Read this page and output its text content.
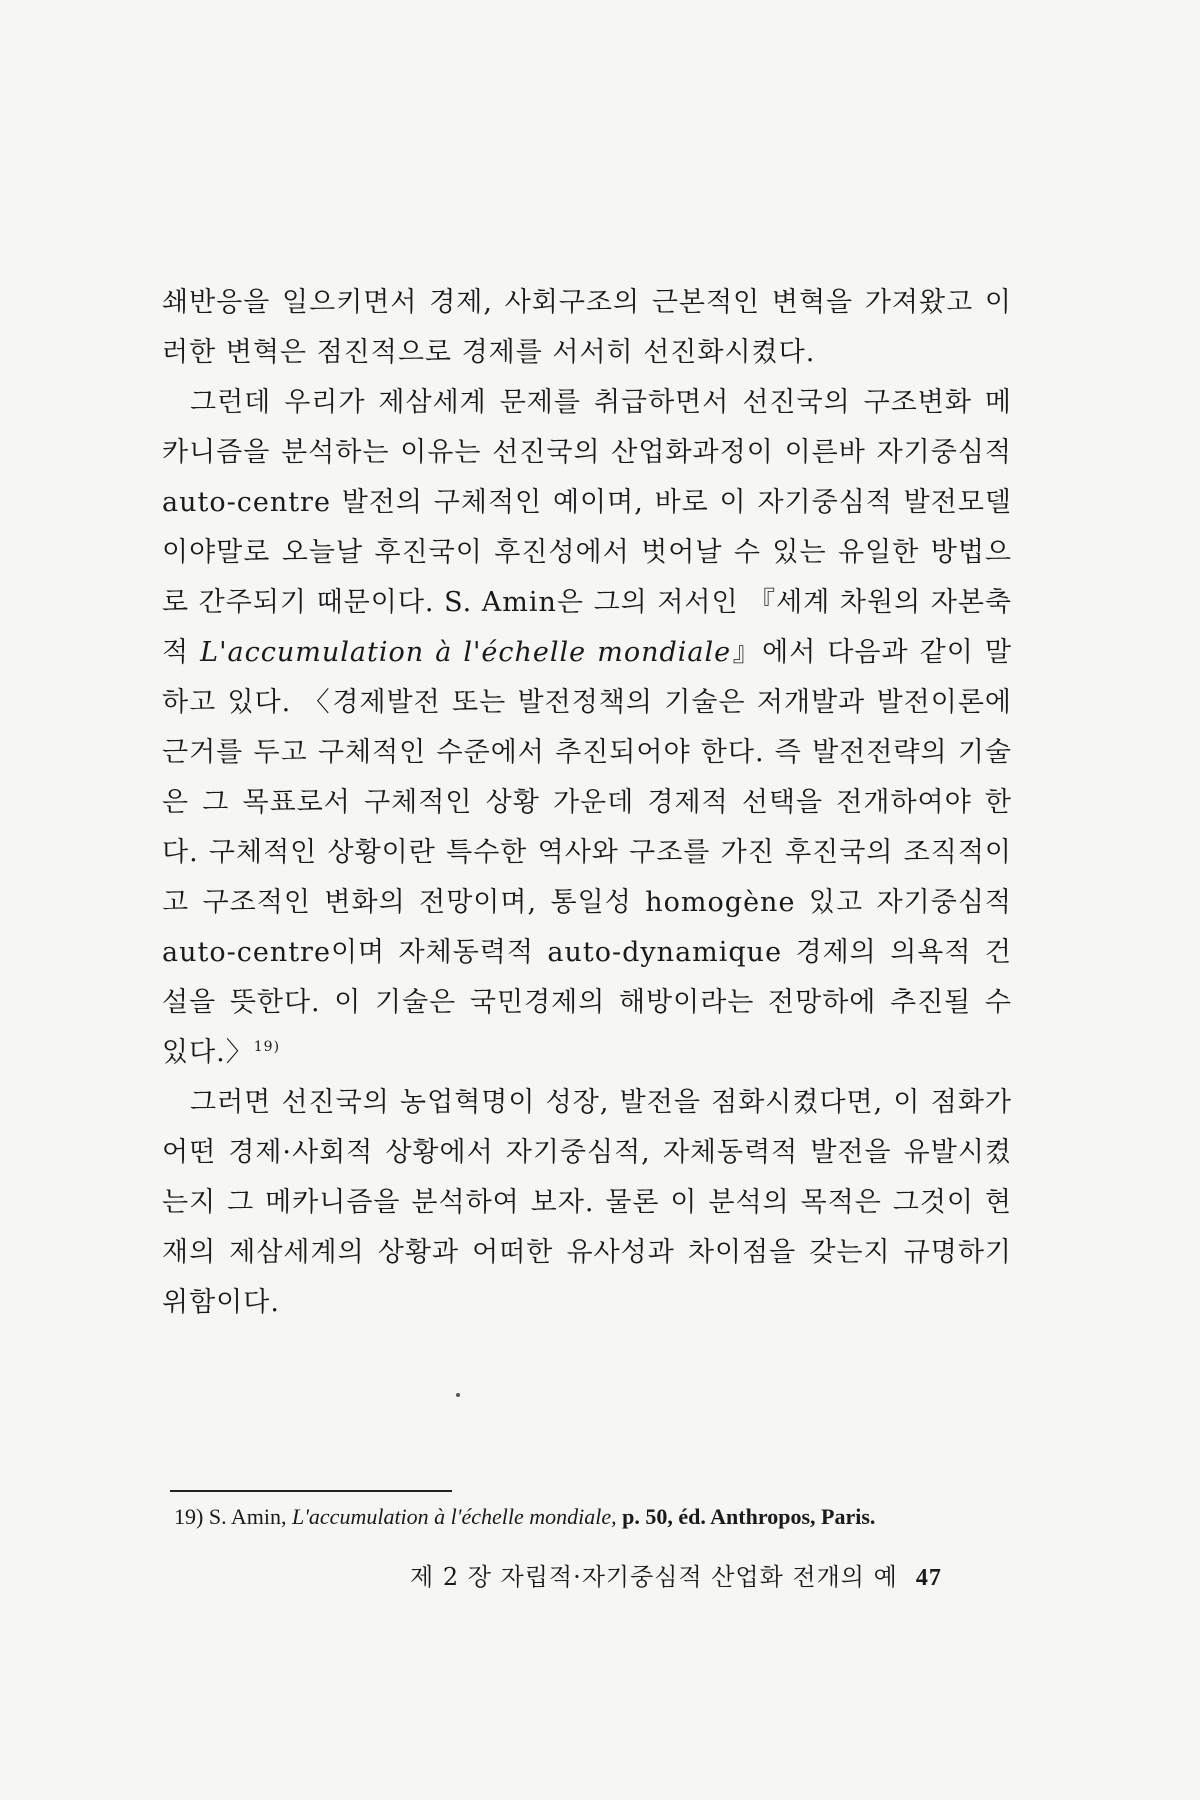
쇄반응을 일으키면서 경제, 사회구조의 근본적인 변혁을 가져왔고 이러한 변혁은 점진적으로 경제를 서서히 선진화시켰다.

그런데 우리가 제삼세계 문제를 취급하면서 선진국의 구조변화 메카니즘을 분석하는 이유는 선진국의 산업화과정이 이른바 자기중심적 auto-centre 발전의 구체적인 예이며, 바로 이 자기중심적 발전모델이야말로 오늘날 후진국이 후진성에서 벗어날 수 있는 유일한 방법으로 간주되기 때문이다. S. Amin은 그의 저서인 『세계 차원의 자본축적 L'accumulation à l'échelle mondiale』에서 다음과 같이 말하고 있다. 〈경제발전 또는 발전정책의 기술은 저개발과 발전이론에 근거를 두고 구체적인 수준에서 추진되어야 한다. 즉 발전전략의 기술은 그 목표로서 구체적인 상황 가운데 경제적 선택을 전개하여야 한다. 구체적인 상황이란 특수한 역사와 구조를 가진 후진국의 조직적이고 구조적인 변화의 전망이며, 통일성 homogène 있고 자기중심적 auto-centre이며 자체동력적 auto-dynamique 경제의 의욕적 건설을 뜻한다. 이 기술은 국민경제의 해방이라는 전망하에 추진될 수 있다.〉$^{19)}$

그러면 선진국의 농업혁명이 성장, 발전을 점화시켰다면, 이 점화가 어떤 경제·사회적 상황에서 자기중심적, 자체동력적 발전을 유발시켰는지 그 메카니즘을 분석하여 보자. 물론 이 분석의 목적은 그것이 현재의 제삼세계의 상황과 어떠한 유사성과 차이점을 갖는지 규명하기 위함이다.

19) S. Amin, L'accumulation à l'échelle mondiale, p. 50, éd. Anthropos, Paris.
제 2 장 자립적·자기중심적 산업화 전개의 예 47
